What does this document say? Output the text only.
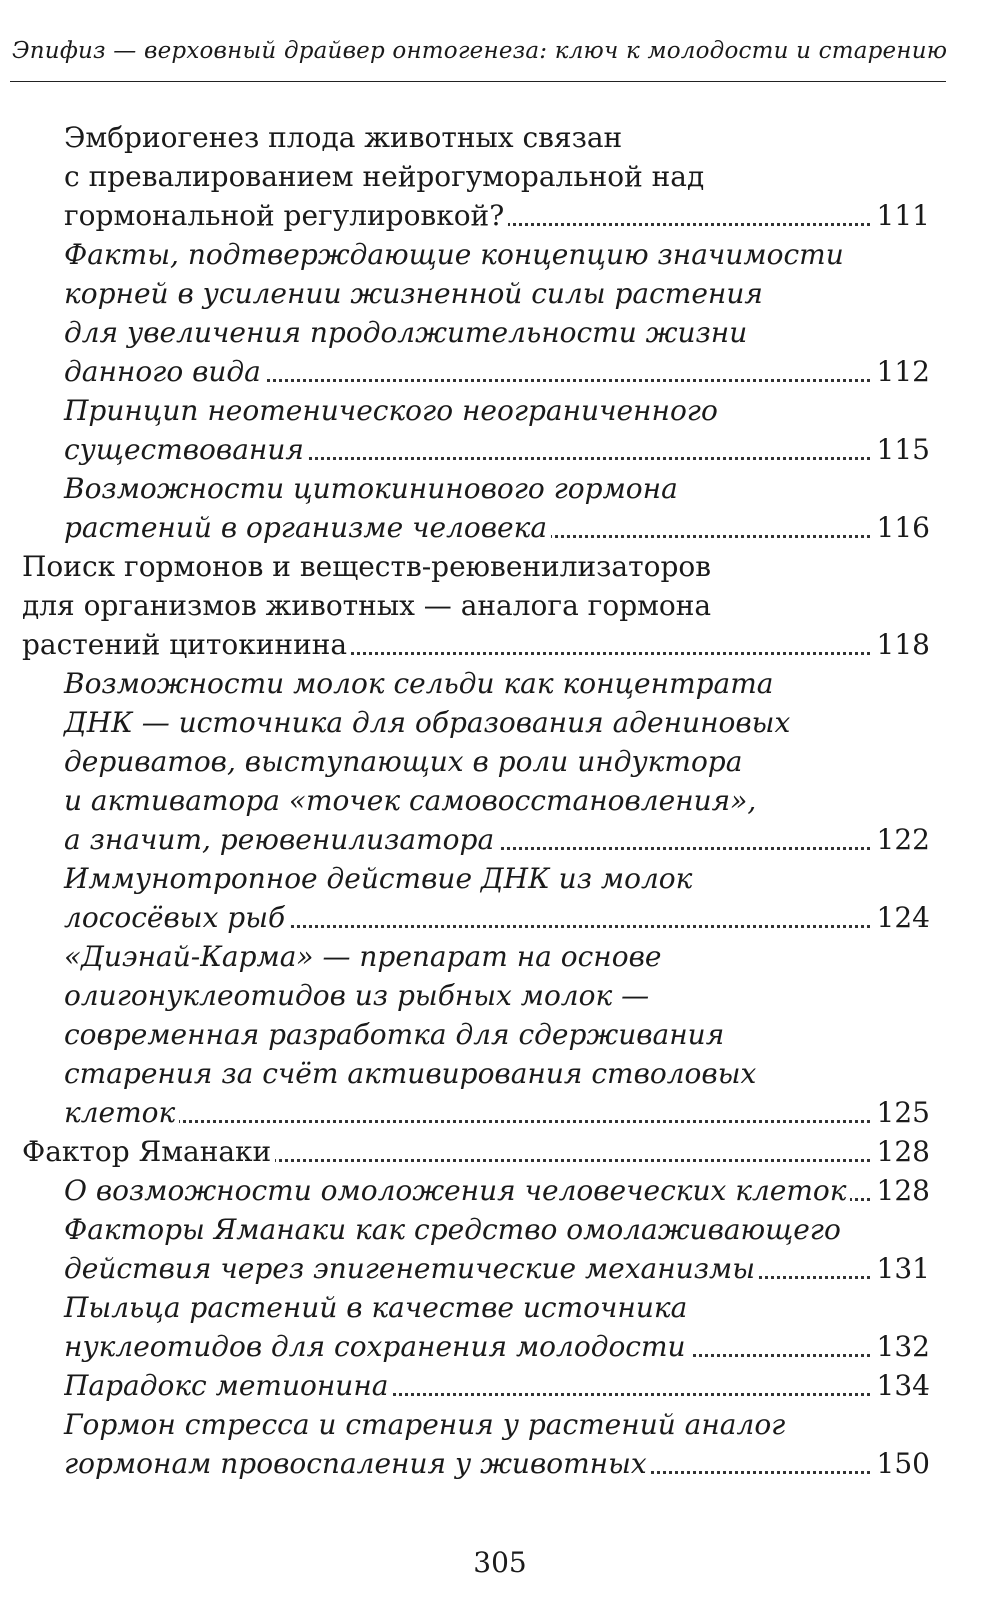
Эпифиз — верховный драйвер онтогенеза: ключ к молодости и старению
Эмбриогенез плода животных связан
с превалированием нейрогуморальной над
гормональной регулировкой?	111
Факты, подтверждающие концепцию значимости
корней в усилении жизненной силы растения
для увеличения продолжительности жизни
данного вида	112
Принцип неотенического неограниченного
существования	115
Возможности цитокининового гормона
растений в организме человека	116
Поиск гормонов и веществ-реювенилизаторов
для организмов животных — аналога гормона
растений цитокинина	118
Возможности молок сельди как концентрата
ДНК — источника для образования адениновых
дериватов, выступающих в роли индуктора
и активатора «точек самовосстановления»,
а значит, реювенилизатора	122
Иммунотропное действие ДНК из молок
лососёвых рыб	124
«Диэнай-Карма» — препарат на основе
олигонуклеотидов из рыбных молок —
современная разработка для сдерживания
старения за счёт активирования стволовых
клеток	125
Фактор Яманаки	128
О возможности омоложения человеческих клеток 128
Факторы Яманаки как средство омолаживающего
действия через эпигенетические механизмы	131
Пыльца растений в качестве источника
нуклеотидов для сохранения молодости	132
Парадокс метионина	134
Гормон стресса и старения у растений аналог
гормонам провоспаления у животных	150
305
